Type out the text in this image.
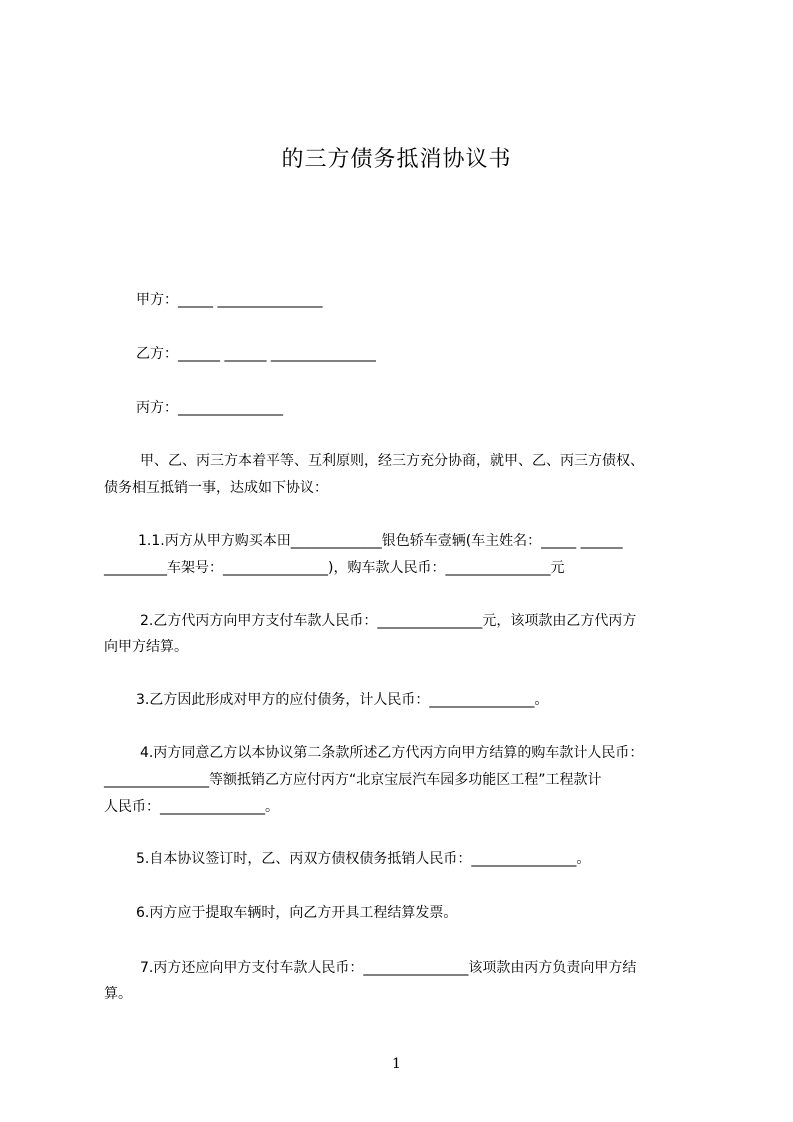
的三方债务抵消协议书
甲方：_____ _______________
乙方：______ ______ _______________
丙方：_______________
甲、乙、丙三方本着平等、互利原则，经三方充分协商，就甲、乙、丙三方债权、
债务相互抵销一事，达成如下协议：
1.1.丙方从甲方购买本田_____________银色轿车壹辆(车主姓名：_____ ______
_________车架号：_______________)，购车款人民币：_______________元
2.乙方代丙方向甲方支付车款人民币：_______________元，该项款由乙方代丙方
向甲方结算。
3.乙方因此形成对甲方的应付债务，计人民币：_______________。
4.丙方同意乙方以本协议第二条款所述乙方代丙方向甲方结算的购车款计人民币：
_______________等额抵销乙方应付丙方“北京宝辰汽车园多功能区工程”工程款计
人民币：_______________。
5.自本协议签订时，乙、丙双方债权债务抵销人民币：_______________。
6.丙方应于提取车辆时，向乙方开具工程结算发票。
7.丙方还应向甲方支付车款人民币：_______________该项款由丙方负责向甲方结
算。
1
